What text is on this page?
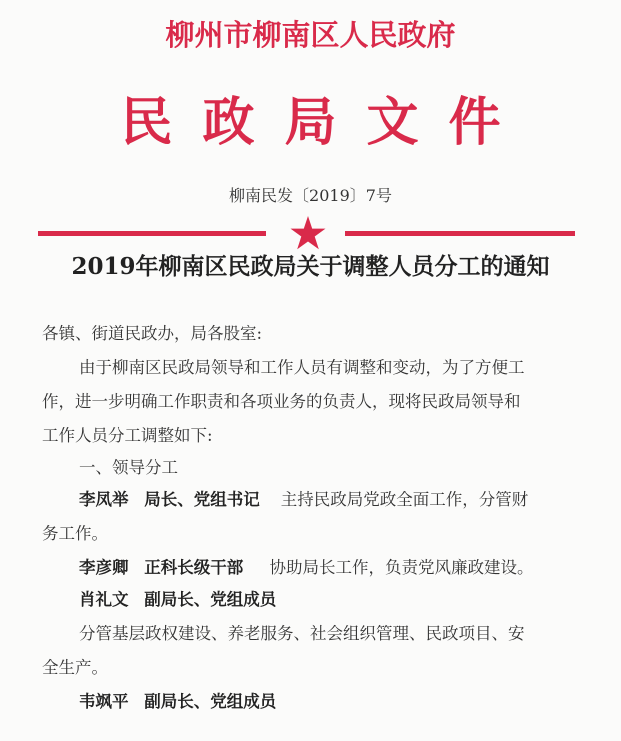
柳州市柳南区人民政府
民政局文件
柳南民发〔2019〕7号
2019年柳南区民政局关于调整人员分工的通知
各镇、街道民政办，局各股室:
由于柳南区民政局领导和工作人员有调整和变动，为了方便工
作，进一步明确工作职责和各项业务的负责人，现将民政局领导和
工作人员分工调整如下:
一、领导分工
李凤举 局长、党组书记 主持民政局党政全面工作，分管财
务工作。
李彦卿 正科长级干部 协助局长工作，负责党风廉政建设。
肖礼文 副局长、党组成员
分管基层政权建设、养老服务、社会组织管理、民政项目、安
全生产。
韦飒平 副局长、党组成员
